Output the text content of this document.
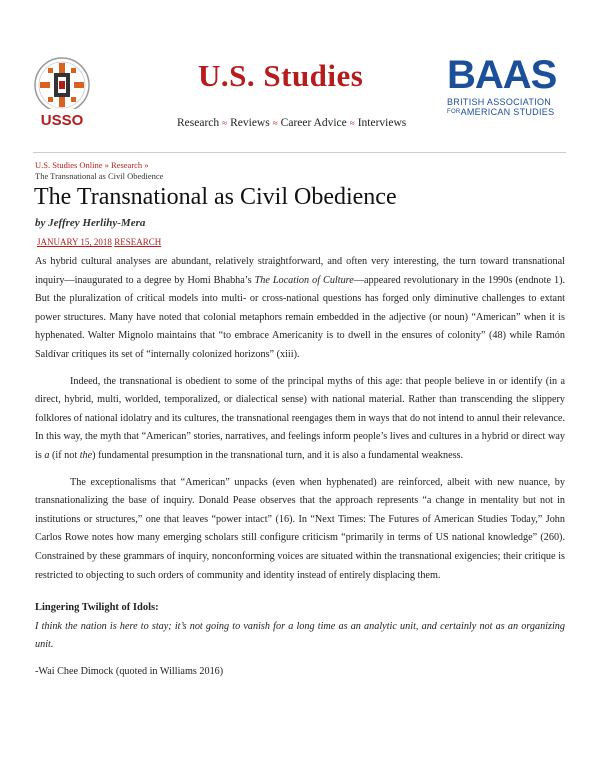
USSO
U.S. Studies
Research ≈ Reviews ≈ Career Advice ≈ Interviews
BAAS
BRITISH ASSOCIATION
$^{FOR}$AMERICAN STUDIES
U.S. Studies Online » Research »
The Transnational as Civil Obedience
The Transnational as Civil Obedience
by Jeffrey Herlihy-Mera
JANUARY 15, 2018 RESEARCH

As hybrid cultural analyses are abundant, relatively straightforward, and often very interesting, the turn toward transnational inquiry—inaugurated to a degree by Homi Bhabha’s The Location of Culture—appeared revolutionary in the 1990s (endnote 1). But the pluralization of critical models into multi- or cross-national questions has forged only diminutive challenges to extant power structures. Many have noted that colonial metaphors remain embedded in the adjective (or noun) “American” when it is hyphenated. Walter Mignolo maintains that “to embrace Americanity is to dwell in the ensures of colonity” (48) while Ramón Saldívar critiques its set of “internally colonized horizons” (xiii).

Indeed, the transnational is obedient to some of the principal myths of this age: that people believe in or identify (in a direct, hybrid, multi, worlded, temporalized, or dialectical sense) with national material. Rather than transcending the slippery folklores of national idolatry and its cultures, the transnational reengages them in ways that do not intend to annul their relevance. In this way, the myth that “American” stories, narratives, and feelings inform people’s lives and cultures in a hybrid or direct way is a (if not the) fundamental presumption in the transnational turn, and it is also a fundamental weakness.

The exceptionalisms that “American” unpacks (even when hyphenated) are reinforced, albeit with new nuance, by transnationalizing the base of inquiry. Donald Pease observes that the approach represents “a change in mentality but not in institutions or structures,” one that leaves “power intact” (16). In “Next Times: The Futures of American Studies Today,” John Carlos Rowe notes how many emerging scholars still configure criticism “primarily in terms of US national knowledge” (260). Constrained by these grammars of inquiry, nonconforming voices are situated within the transnational exigencies; their critique is restricted to objecting to such orders of community and identity instead of entirely displacing them.

Lingering Twilight of Idols:

I think the nation is here to stay; it’s not going to vanish for a long time as an analytic unit, and certainly not as an organizing unit.

-Wai Chee Dimock (quoted in Williams 2016)
